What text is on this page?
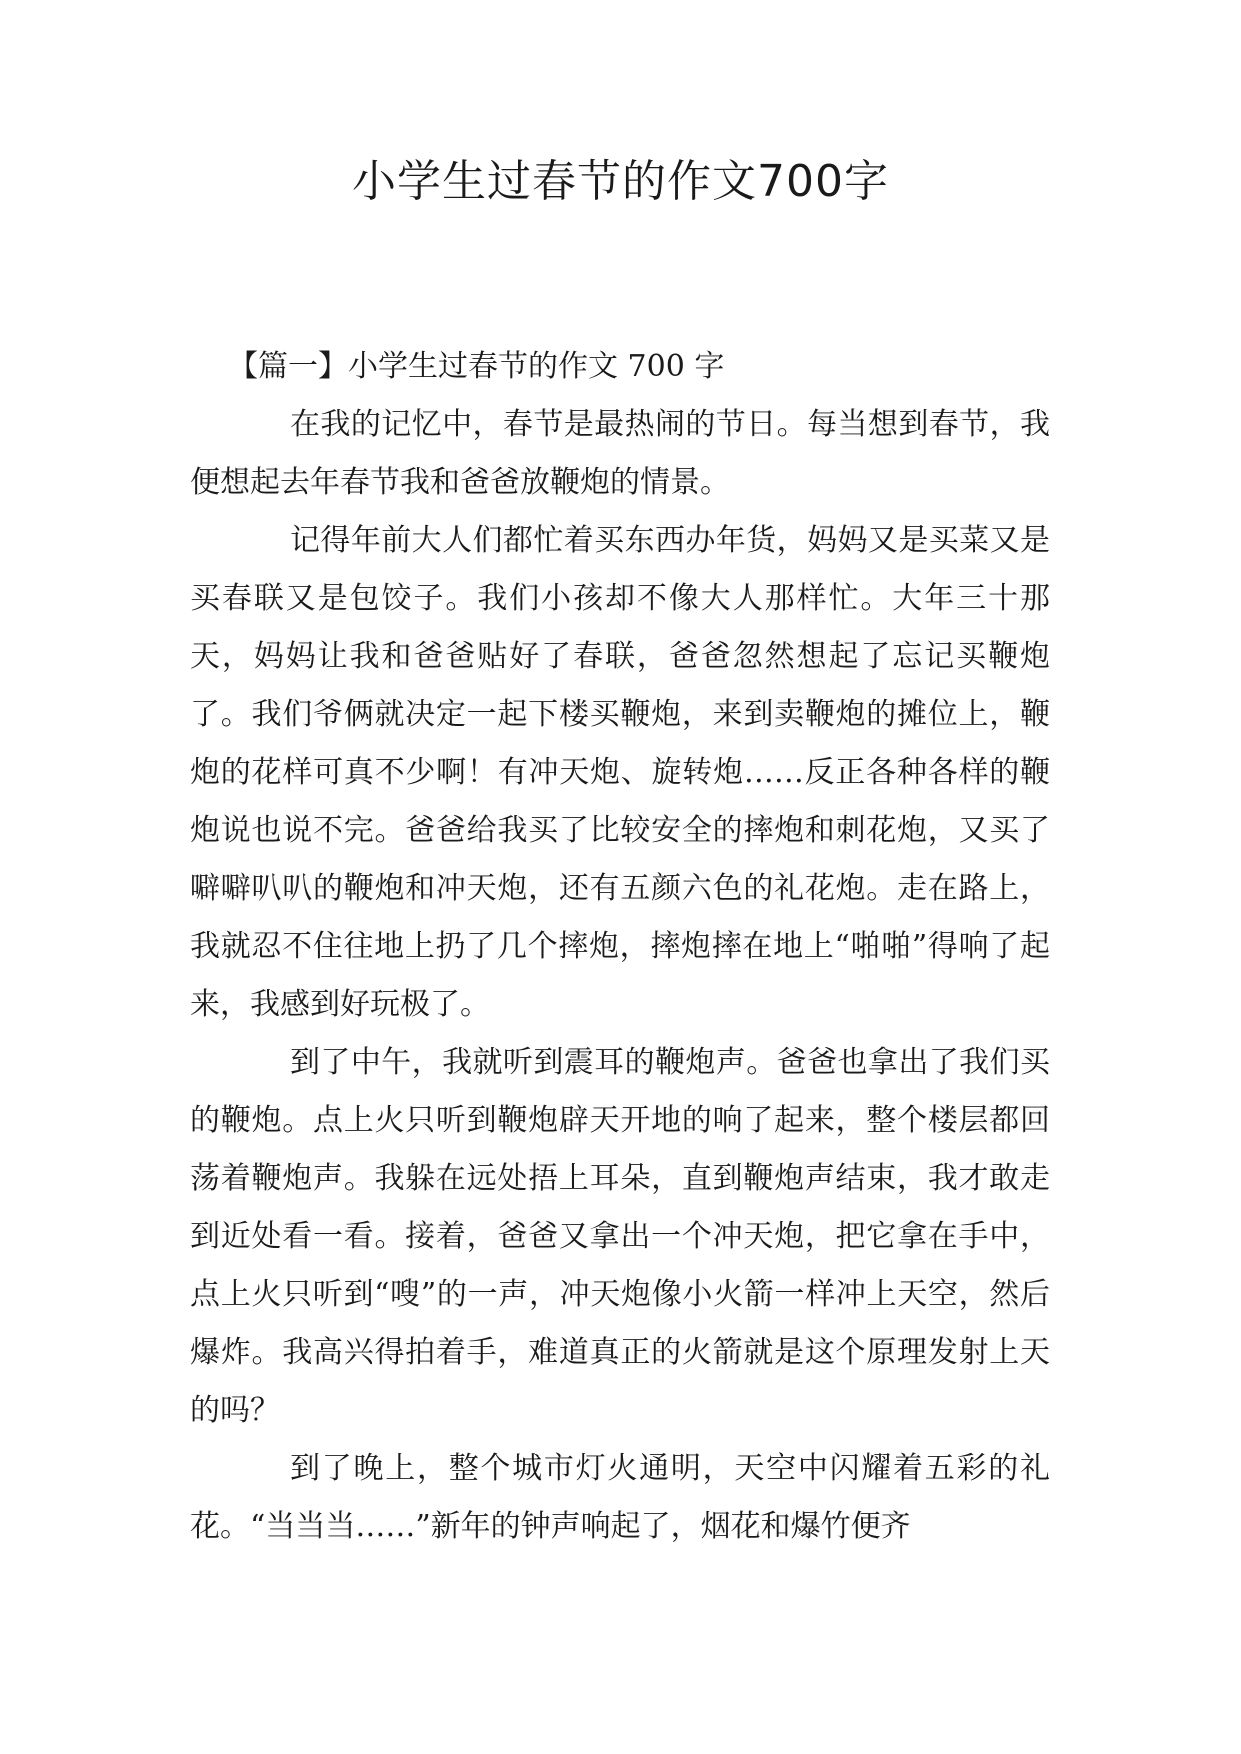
小学生过春节的作文700字

【篇一】小学生过春节的作文 700 字

在我的记忆中，春节是最热闹的节日。每当想到春节，我便想起去年春节我和爸爸放鞭炮的情景。

记得年前大人们都忙着买东西办年货，妈妈又是买菜又是买春联又是包饺子。我们小孩却不像大人那样忙。大年三十那天，妈妈让我和爸爸贴好了春联，爸爸忽然想起了忘记买鞭炮了。我们爷俩就决定一起下楼买鞭炮，来到卖鞭炮的摊位上，鞭炮的花样可真不少啊！有冲天炮、旋转炮……反正各种各样的鞭炮说也说不完。爸爸给我买了比较安全的摔炮和刺花炮，又买了噼噼叭叭的鞭炮和冲天炮，还有五颜六色的礼花炮。走在路上，我就忍不住往地上扔了几个摔炮，摔炮摔在地上“啪啪”得响了起来，我感到好玩极了。

到了中午，我就听到震耳的鞭炮声。爸爸也拿出了我们买的鞭炮。点上火只听到鞭炮辟天开地的响了起来，整个楼层都回荡着鞭炮声。我躲在远处捂上耳朵，直到鞭炮声结束，我才敢走到近处看一看。接着，爸爸又拿出一个冲天炮，把它拿在手中，点上火只听到“嗖”的一声，冲天炮像小火箭一样冲上天空，然后爆炸。我高兴得拍着手，难道真正的火箭就是这个原理发射上天的吗？

到了晚上，整个城市灯火通明，天空中闪耀着五彩的礼花。“当当当……”新年的钟声响起了，烟花和爆竹便齐
